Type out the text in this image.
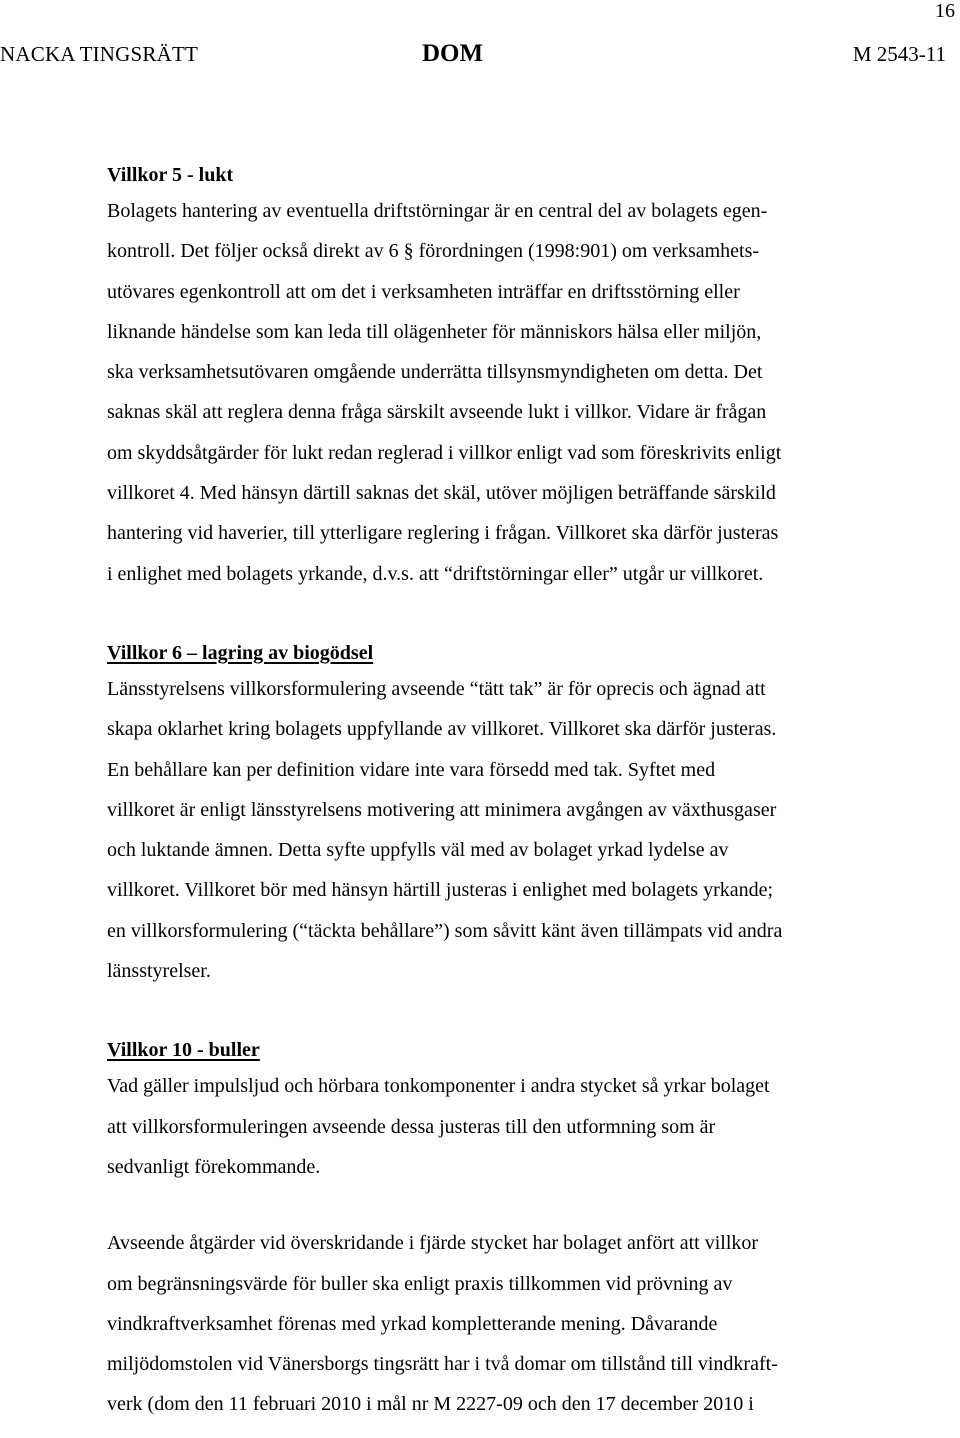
16
NACKA TINGSRÄTT	DOM	M 2543-11

Villkor 5 - lukt

Bolagets hantering av eventuella driftstörningar är en central del av bolagets egen-
kontroll. Det följer också direkt av 6 § förordningen (1998:901) om verksamhets-
utövares egenkontroll att om det i verksamheten inträffar en driftsstörning eller
liknande händelse som kan leda till olägenheter för människors hälsa eller miljön,
ska verksamhetsutövaren omgående underrätta tillsynsmyndigheten om detta. Det
saknas skäl att reglera denna fråga särskilt avseende lukt i villkor. Vidare är frågan
om skyddsåtgärder för lukt redan reglerad i villkor enligt vad som föreskrivits enligt
villkoret 4. Med hänsyn därtill saknas det skäl, utöver möjligen beträffande särskild
hantering vid haverier, till ytterligare reglering i frågan. Villkoret ska därför justeras
i enlighet med bolagets yrkande, d.v.s. att “driftstörningar eller” utgår ur villkoret.

Villkor 6 – lagring av biogödsel

Länsstyrelsens villkorsformulering avseende “tätt tak” är för oprecis och ägnad att
skapa oklarhet kring bolagets uppfyllande av villkoret. Villkoret ska därför justeras.
En behållare kan per definition vidare inte vara försedd med tak. Syftet med
villkoret är enligt länsstyrelsens motivering att minimera avgången av växthusgaser
och luktande ämnen. Detta syfte uppfylls väl med av bolaget yrkad lydelse av
villkoret. Villkoret bör med hänsyn härtill justeras i enlighet med bolagets yrkande;
en villkorsformulering (“täckta behållare”) som såvitt känt även tillämpats vid andra
länsstyrelser.

Villkor 10 - buller

Vad gäller impulsljud och hörbara tonkomponenter i andra stycket så yrkar bolaget
att villkorsformuleringen avseende dessa justeras till den utformning som är
sedvanligt förekommande.

Avseende åtgärder vid överskridande i fjärde stycket har bolaget anfört att villkor
om begränsningsvärde för buller ska enligt praxis tillkommen vid prövning av
vindkraftverksamhet förenas med yrkad kompletterande mening. Dåvarande
miljödomstolen vid Vänersborgs tingsrätt har i två domar om tillstånd till vindkraft-
verk (dom den 11 februari 2010 i mål nr M 2227-09 och den 17 december 2010 i
